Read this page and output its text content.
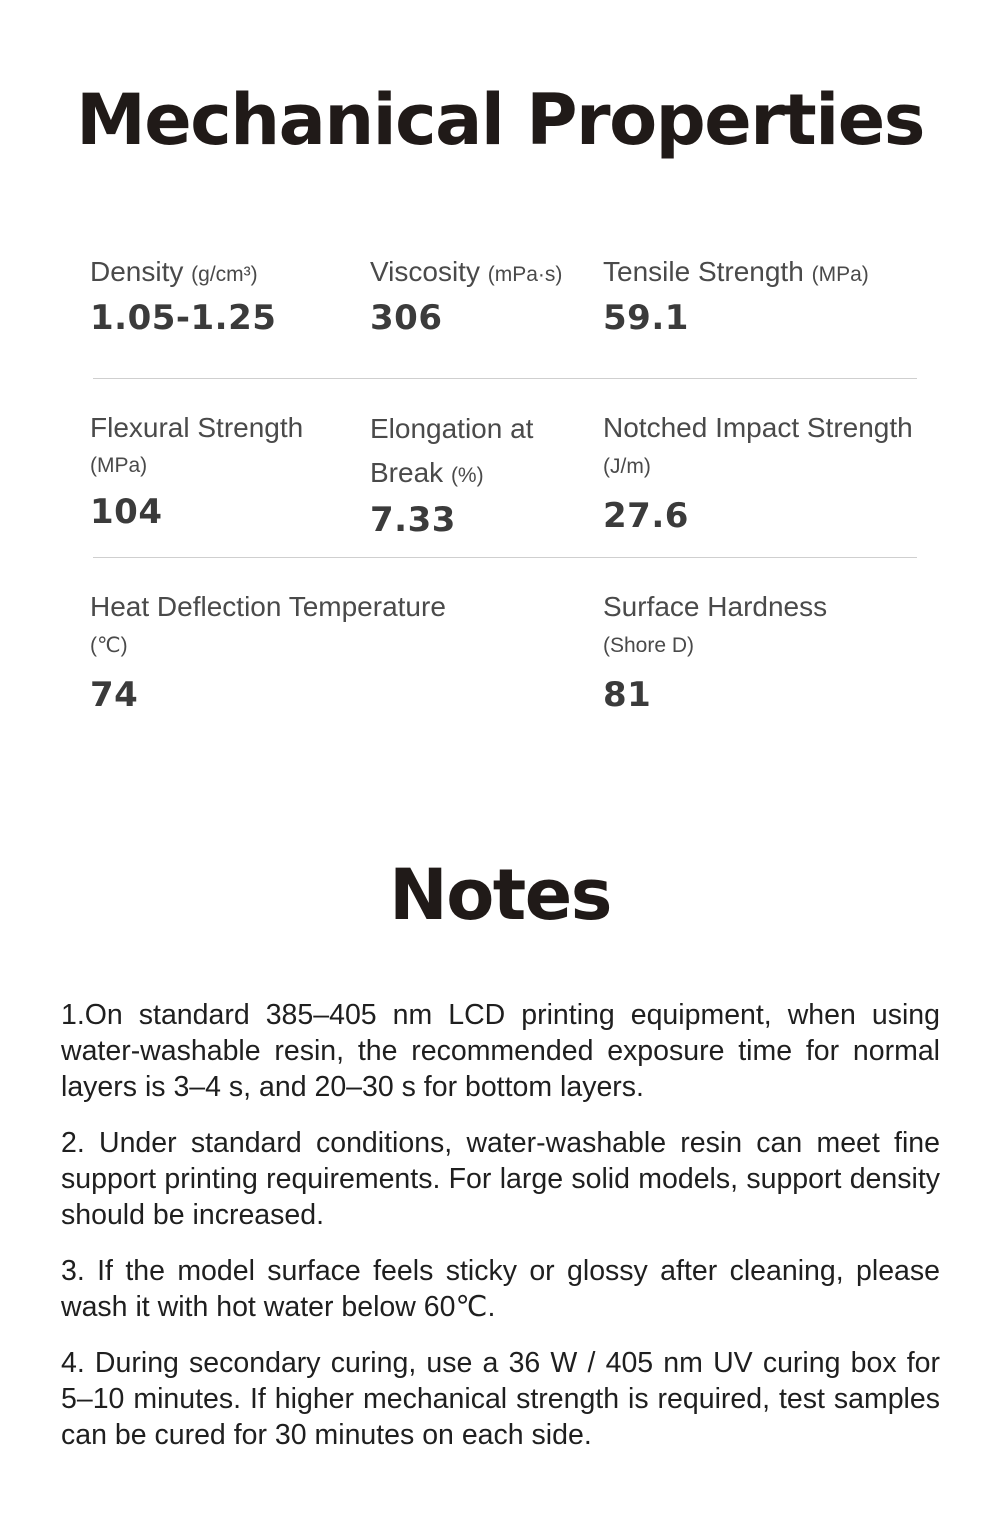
Mechanical Properties
Density (g/cm³)
1.05-1.25
Viscosity (mPa·s)
306
Tensile Strength (MPa)
59.1
Flexural Strength
(MPa)
104
Elongation at Break (%)
7.33
Notched Impact Strength
(J/m)
27.6
Heat Deflection Temperature
(℃)
74
Surface Hardness
(Shore D)
81
Notes

1.On standard 385–405 nm LCD printing equipment, when using water-washable resin, the recommended exposure time for normal layers is 3–4 s, and 20–30 s for bottom layers.

2. Under standard conditions, water-washable resin can meet fine support printing requirements. For large solid models, support density should be increased.

3. If the model surface feels sticky or glossy after cleaning, please wash it with hot water below 60℃.

4. During secondary curing, use a 36 W / 405 nm UV curing box for 5–10 minutes. If higher mechanical strength is required, test samples can be cured for 30 minutes on each side.
